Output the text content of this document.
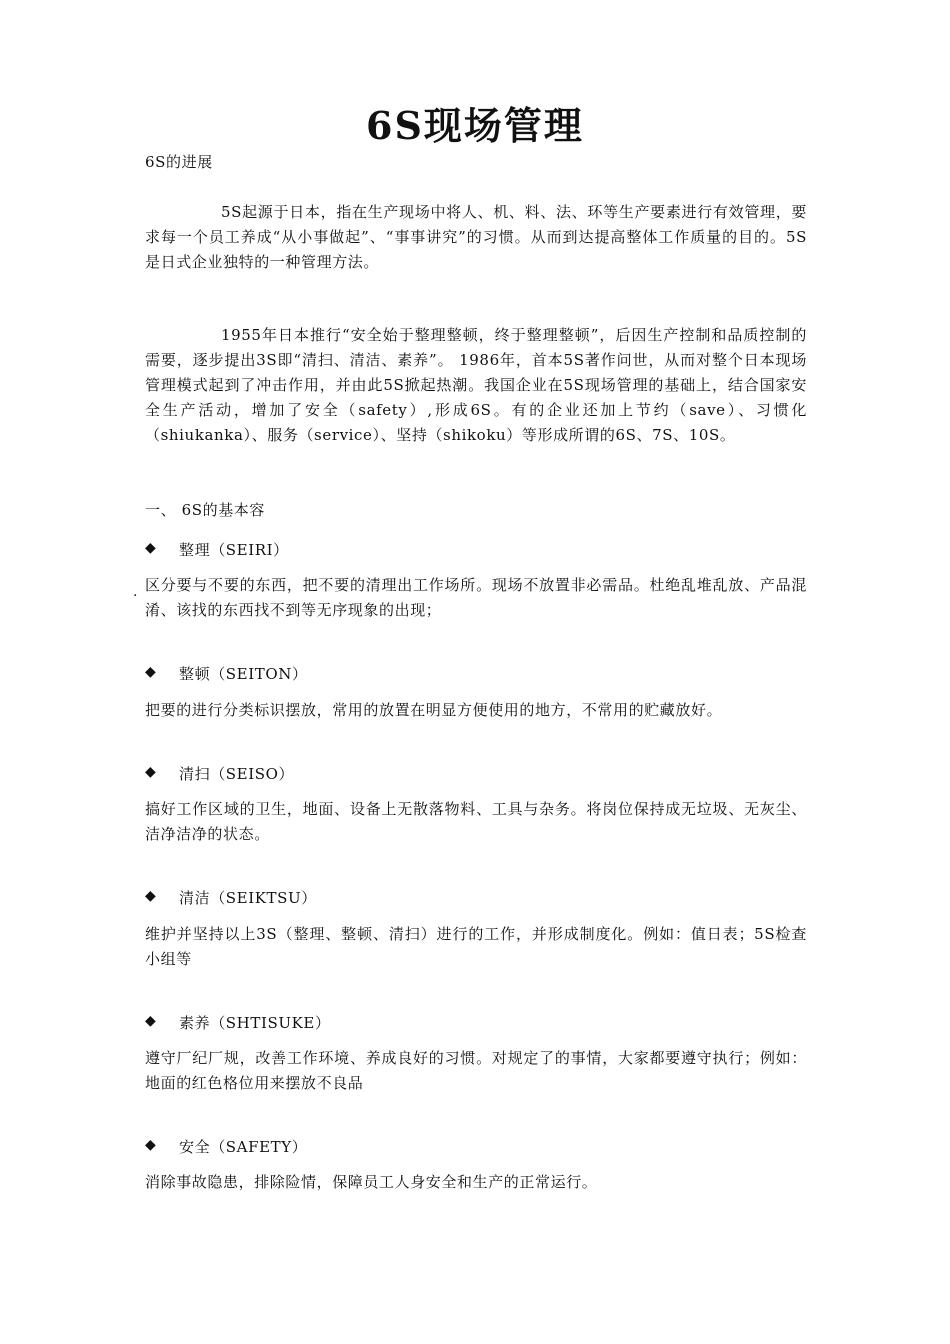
6S现场管理

6S的进展

5S起源于日本，指在生产现场中将人、机、料、法、环等生产要素进行有效管理，要求每一个员工养成“从小事做起”、“事事讲究”的习惯。从而到达提高整体工作质量的目的。5S是日式企业独特的一种管理方法。

1955年日本推行“安全始于整理整顿，终于整理整顿”，后因生产控制和品质控制的需要，逐步提出3S即“清扫、清洁、素养”。 1986年，首本5S著作问世，从而对整个日本现场管理模式起到了冲击作用，并由此5S掀起热潮。我国企业在5S现场管理的基础上，结合国家安全生产活动，增加了安全（safety）,形成6S。有的企业还加上节约（save）、习惯化（shiukanka）、服务（service）、坚持（shikoku）等形成所谓的6S、7S、10S。

一、 6S的基本容

◆ 整理（SEIRI）
. 区分要与不要的东西，把不要的清理出工作场所。现场不放置非必需品。杜绝乱堆乱放、产品混淆、该找的东西找不到等无序现象的出现；

◆ 整顿（SEITON）

把要的进行分类标识摆放，常用的放置在明显方便使用的地方，不常用的贮藏放好。

◆ 清扫（SEISO）

搞好工作区域的卫生，地面、设备上无散落物料、工具与杂务。将岗位保持成无垃圾、无灰尘、洁净洁净的状态。

◆ 清洁（SEIKTSU）

维护并坚持以上3S（整理、整顿、清扫）进行的工作，并形成制度化。例如：值日表；5S检查小组等

◆ 素养（SHTISUKE）

遵守厂纪厂规，改善工作环境、养成良好的习惯。对规定了的事情，大家都要遵守执行；例如：地面的红色格位用来摆放不良品

◆ 安全（SAFETY）

消除事故隐患，排除险情，保障员工人身安全和生产的正常运行。
